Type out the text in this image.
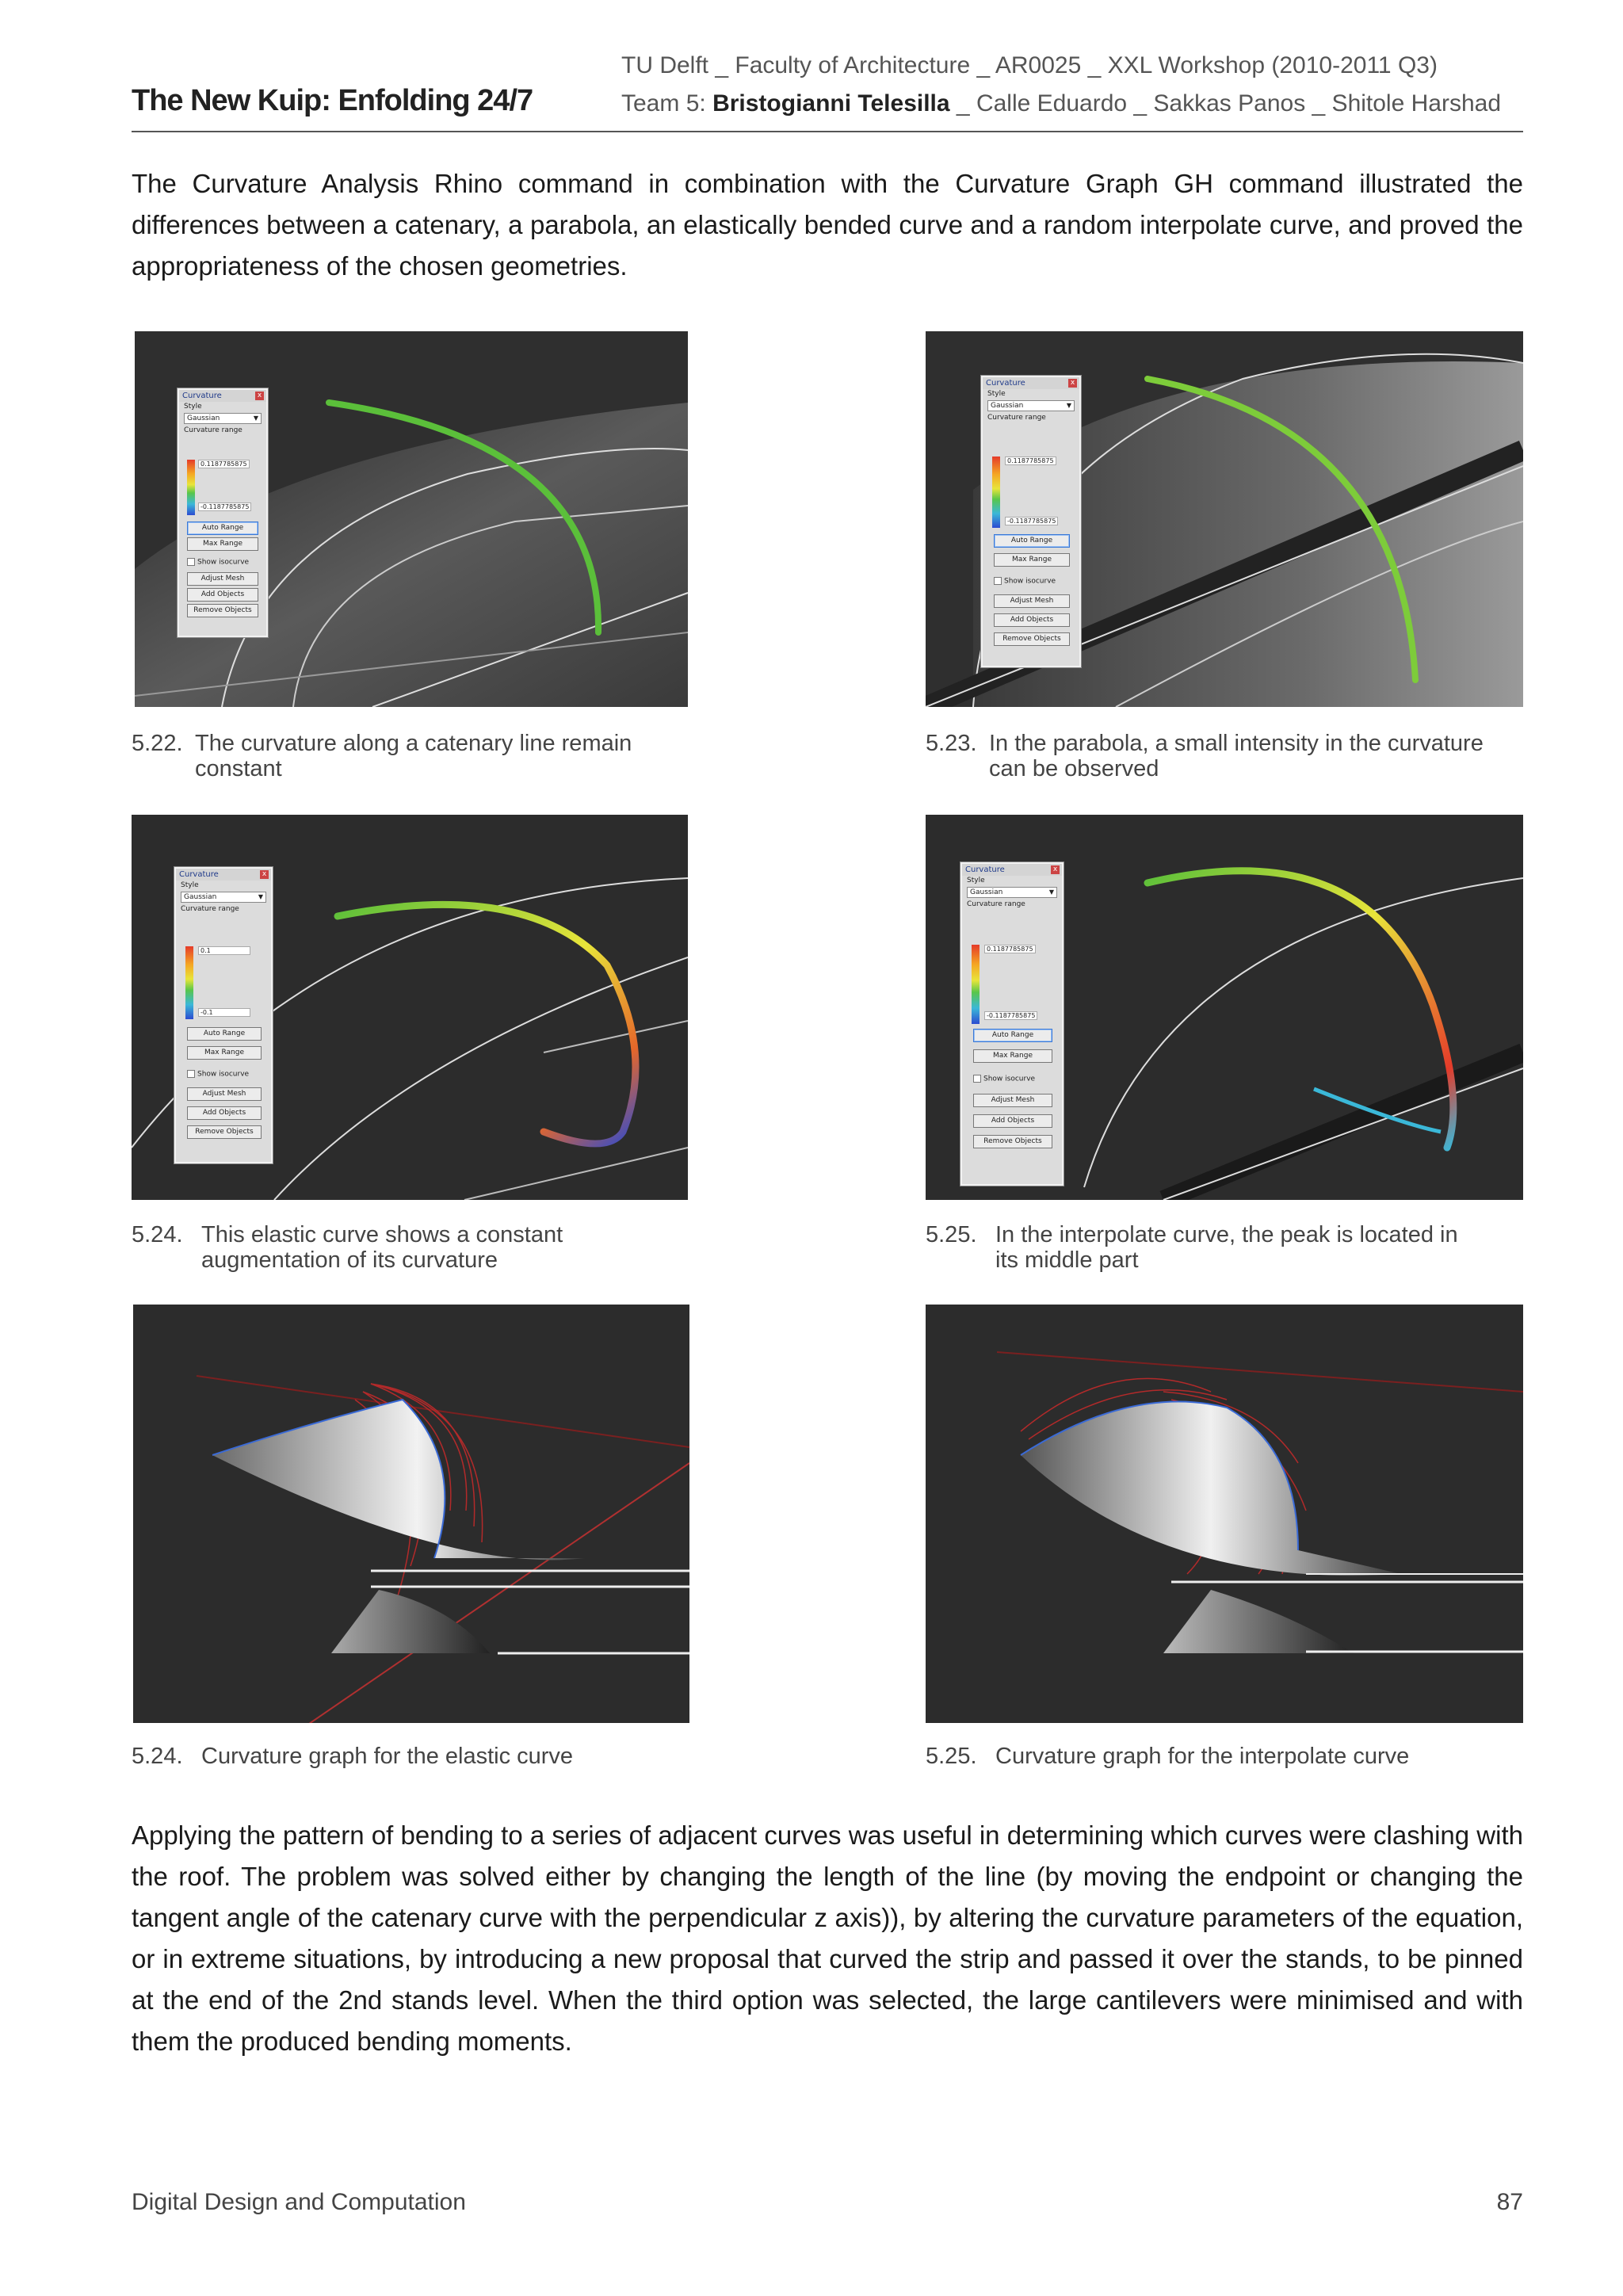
The New Kuip: Enfolding 24/7
TU Delft _ Faculty of Architecture _ AR0025 _ XXL Workshop (2010-2011 Q3)
Team 5: Bristogianni Telesilla _ Calle Eduardo _ Sakkas Panos _ Shitole Harshad
The Curvature Analysis Rhino command in combination with the Curvature Graph GH command illustrated the differences between a catenary, a parabola, an elastically bended curve and a random interpolate curve, and proved the appropriateness of the chosen geometries.
Curvature	x
Style
Gaussian	▼
Curvature range
0.1187785875
-0.1187785875
Auto Range
Max Range
Show isocurve
Adjust Mesh
Add Objects
Remove Objects
5.22. The curvature along a catenary line remain
constant
Curvature	x
Style
Gaussian	▼
Curvature range
0.1187785875
-0.1187785875
Auto Range
Max Range
Show isocurve
Adjust Mesh
Add Objects
Remove Objects
5.23. In the parabola, a small intensity in the curvature
can be observed
Curvature	x
Style
Gaussian	▼
Curvature range
0.1
-0.1
Auto Range
Max Range
Show isocurve
Adjust Mesh
Add Objects
Remove Objects
5.24. This elastic curve shows a constant
augmentation of its curvature
Curvature	x
Style
Gaussian	▼
Curvature range
0.1187785875
-0.1187785875
Auto Range
Max Range
Show isocurve
Adjust Mesh
Add Objects
Remove Objects
5.25. In the interpolate curve, the peak is located in
its middle part
5.24. Curvature graph for the elastic curve	5.25. Curvature graph for the interpolate curve
Applying the pattern of bending to a series of adjacent curves was useful in determining which curves were clashing with the roof. The problem was solved either by changing the length of the line (by moving the endpoint or changing the tangent angle of the catenary curve with the perpendicular z axis)), by altering the curvature parameters of the equation, or in extreme situations, by introducing a new proposal that curved the strip and passed it over the stands, to be pinned at the end of the 2nd stands level. When the third option was selected, the large cantilevers were minimised and with them the produced bending moments.
Digital Design and Computation	87
